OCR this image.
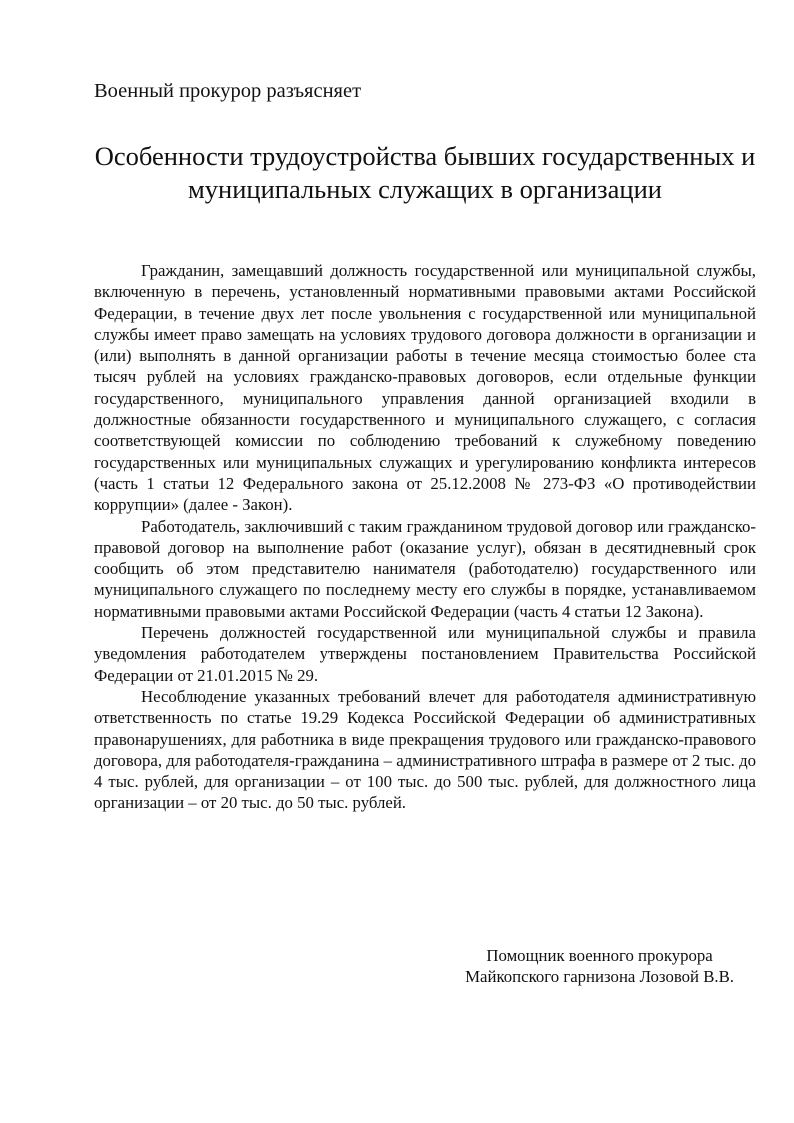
Военный прокурор разъясняет
Особенности трудоустройства бывших государственных и муниципальных служащих в организации

Гражданин, замещавший должность государственной или муниципальной службы, включенную в перечень, установленный нормативными правовыми актами Российской Федерации, в течение двух лет после увольнения с государственной или муниципальной службы имеет право замещать на условиях трудового договора должности в организации и (или) выполнять в данной организации работы в течение месяца стоимостью более ста тысяч рублей на условиях гражданско-правовых договоров, если отдельные функции государственного, муниципального управления данной организацией входили в должностные обязанности государственного и муниципального служащего, с согласия соответствующей комиссии по соблюдению требований к служебному поведению государственных или муниципальных служащих и урегулированию конфликта интересов (часть 1 статьи 12 Федерального закона от 25.12.2008 № 273-ФЗ «О противодействии коррупции» (далее - Закон).

Работодатель, заключивший с таким гражданином трудовой договор или гражданско-правовой договор на выполнение работ (оказание услуг), обязан в десятидневный срок сообщить об этом представителю нанимателя (работодателю) государственного или муниципального служащего по последнему месту его службы в порядке, устанавливаемом нормативными правовыми актами Российской Федерации (часть 4 статьи 12 Закона).

Перечень должностей государственной или муниципальной службы и правила уведомления работодателем утверждены постановлением Правительства Российской Федерации от 21.01.2015 № 29.

Несоблюдение указанных требований влечет для работодателя административную ответственность по статье 19.29 Кодекса Российской Федерации об административных правонарушениях, для работника в виде прекращения трудового или гражданско-правового договора, для работодателя-гражданина – административного штрафа в размере от 2 тыс. до 4 тыс. рублей, для организации – от 100 тыс. до 500 тыс. рублей, для должностного лица организации – от 20 тыс. до 50 тыс. рублей.

Помощник военного прокурора
Майкопского гарнизона Лозовой В.В.
